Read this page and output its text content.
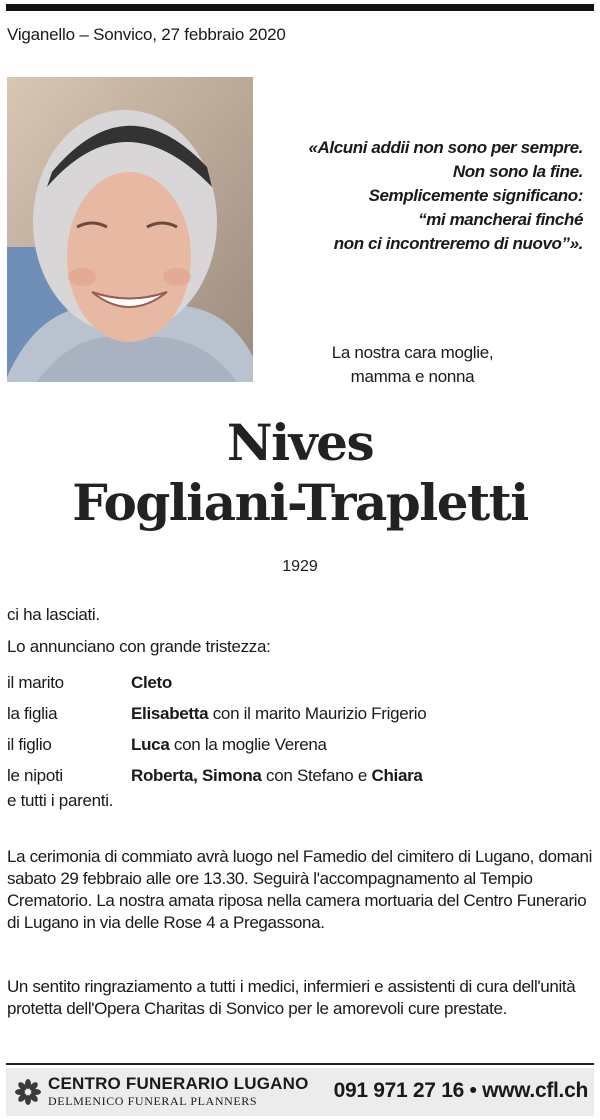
Viganello – Sonvico, 27 febbraio 2020
«Alcuni addii non sono per sempre.
Non sono la fine.
Semplicemente significano:
“mi mancherai finché
non ci incontreremo di nuovo”».
La nostra cara moglie,
mamma e nonna
Nives
Fogliani-Trapletti
1929
ci ha lasciati.
Lo annunciano con grande tristezza:
il marito	Cleto
la figlia	Elisabetta con il marito Maurizio Frigerio
il figlio	Luca con la moglie Verena
le nipoti	Roberta, Simona con Stefano e Chiara
e tutti i parenti.
La cerimonia di commiato avrà luogo nel Famedio del cimitero di Lugano, domani sabato 29 febbraio alle ore 13.30. Seguirà l'accompagnamento al Tempio Crematorio. La nostra amata riposa nella camera mortuaria del Centro Funerario di Lugano in via delle Rose 4 a Pregassona.
Un sentito ringraziamento a tutti i medici, infermieri e assistenti di cura dell'unità protetta dell'Opera Charitas di Sonvico per le amorevoli cure prestate.
CENTRO FUNERARIO LUGANO
DELMENICO FUNERAL PLANNERS	091 971 27 16 • www.cfl.ch
